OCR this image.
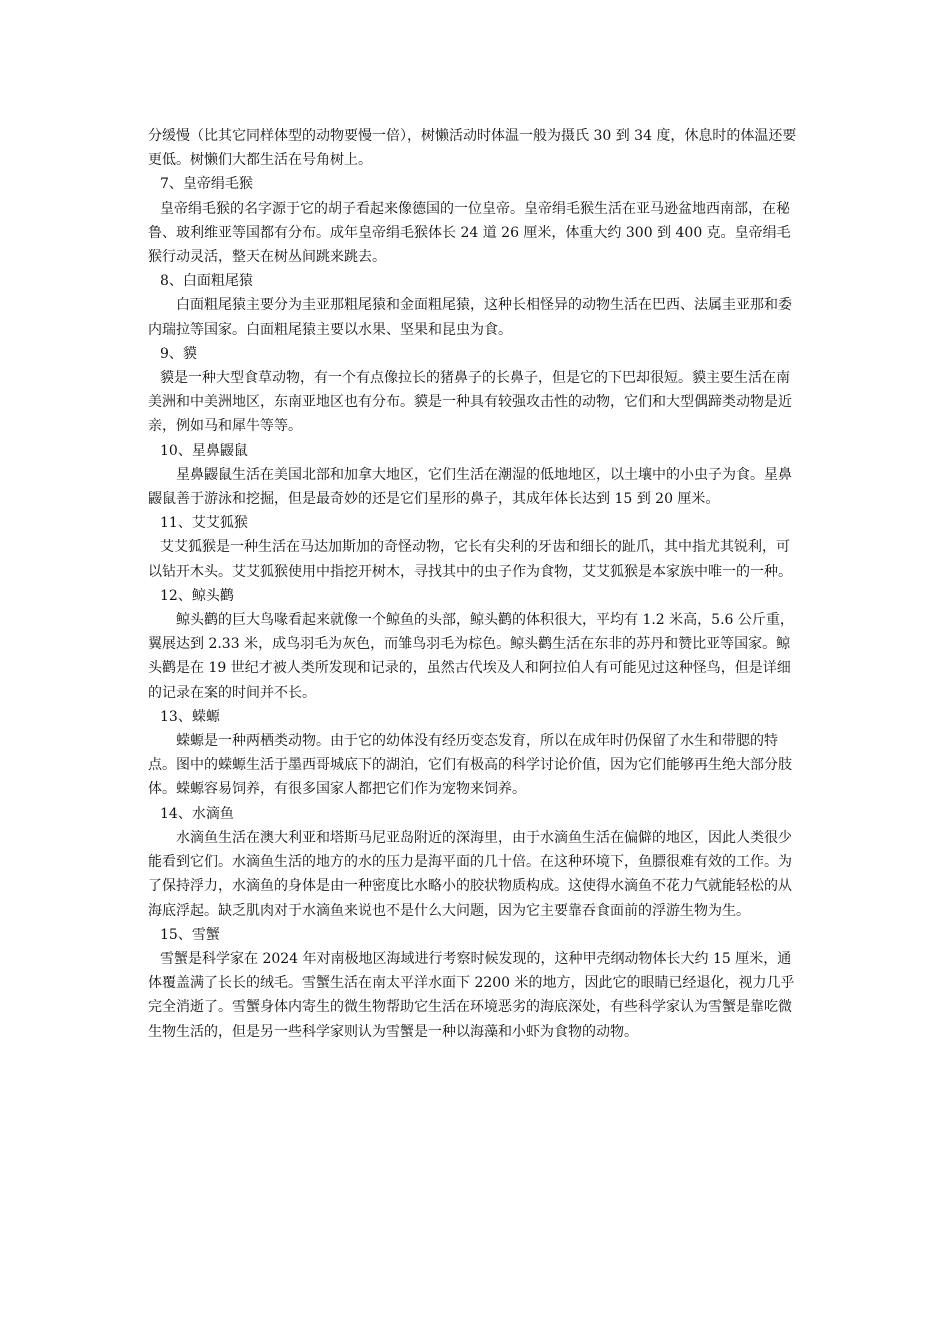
分缓慢（比其它同样体型的动物要慢一倍），树懒活动时体温一般为摄氏 30 到 34 度，休息时的体温还要更低。树懒们大都生活在号角树上。

7、皇帝绢毛猴

皇帝绢毛猴的名字源于它的胡子看起来像德国的一位皇帝。皇帝绢毛猴生活在亚马逊盆地西南部，在秘鲁、玻利维亚等国都有分布。成年皇帝绢毛猴体长 24 道 26 厘米，体重大约 300 到 400 克。皇帝绢毛猴行动灵活，整天在树丛间跳来跳去。

8、白面粗尾猿

白面粗尾猿主要分为圭亚那粗尾猿和金面粗尾猿，这种长相怪异的动物生活在巴西、法属圭亚那和委内瑞拉等国家。白面粗尾猿主要以水果、坚果和昆虫为食。

9、貘

貘是一种大型食草动物，有一个有点像拉长的猪鼻子的长鼻子，但是它的下巴却很短。貘主要生活在南美洲和中美洲地区，东南亚地区也有分布。貘是一种具有较强攻击性的动物，它们和大型偶蹄类动物是近亲，例如马和犀牛等等。

10、星鼻鼹鼠

星鼻鼹鼠生活在美国北部和加拿大地区，它们生活在潮湿的低地地区，以土壤中的小虫子为食。星鼻鼹鼠善于游泳和挖掘，但是最奇妙的还是它们星形的鼻子，其成年体长达到 15 到 20 厘米。

11、艾艾狐猴

艾艾狐猴是一种生活在马达加斯加的奇怪动物，它长有尖利的牙齿和细长的趾爪，其中指尤其锐利，可以钻开木头。艾艾狐猴使用中指挖开树木，寻找其中的虫子作为食物，艾艾狐猴是本家族中唯一的一种。

12、鲸头鹳

鲸头鹳的巨大鸟喙看起来就像一个鲸鱼的头部，鲸头鹳的体积很大，平均有 1.2 米高，5.6 公斤重，翼展达到 2.33 米，成鸟羽毛为灰色，而雏鸟羽毛为棕色。鲸头鹳生活在东非的苏丹和赞比亚等国家。鲸头鹳是在 19 世纪才被人类所发现和记录的，虽然古代埃及人和阿拉伯人有可能见过这种怪鸟，但是详细的记录在案的时间并不长。

13、蝾螈

蝾螈是一种两栖类动物。由于它的幼体没有经历变态发育，所以在成年时仍保留了水生和带腮的特点。图中的蝾螈生活于墨西哥城底下的湖泊，它们有极高的科学讨论价值，因为它们能够再生绝大部分肢体。蝾螈容易饲养，有很多国家人都把它们作为宠物来饲养。

14、水滴鱼

水滴鱼生活在澳大利亚和塔斯马尼亚岛附近的深海里，由于水滴鱼生活在偏僻的地区，因此人类很少能看到它们。水滴鱼生活的地方的水的压力是海平面的几十倍。在这种环境下，鱼膘很难有效的工作。为了保持浮力，水滴鱼的身体是由一种密度比水略小的胶状物质构成。这使得水滴鱼不花力气就能轻松的从海底浮起。缺乏肌肉对于水滴鱼来说也不是什么大问题，因为它主要靠吞食面前的浮游生物为生。

15、雪蟹

雪蟹是科学家在 2024 年对南极地区海域进行考察时候发现的，这种甲壳纲动物体长大约 15 厘米，通体覆盖满了长长的绒毛。雪蟹生活在南太平洋水面下 2200 米的地方，因此它的眼睛已经退化，视力几乎完全消逝了。雪蟹身体内寄生的微生物帮助它生活在环境恶劣的海底深处，有些科学家认为雪蟹是靠吃微生物生活的，但是另一些科学家则认为雪蟹是一种以海藻和小虾为食物的动物。
